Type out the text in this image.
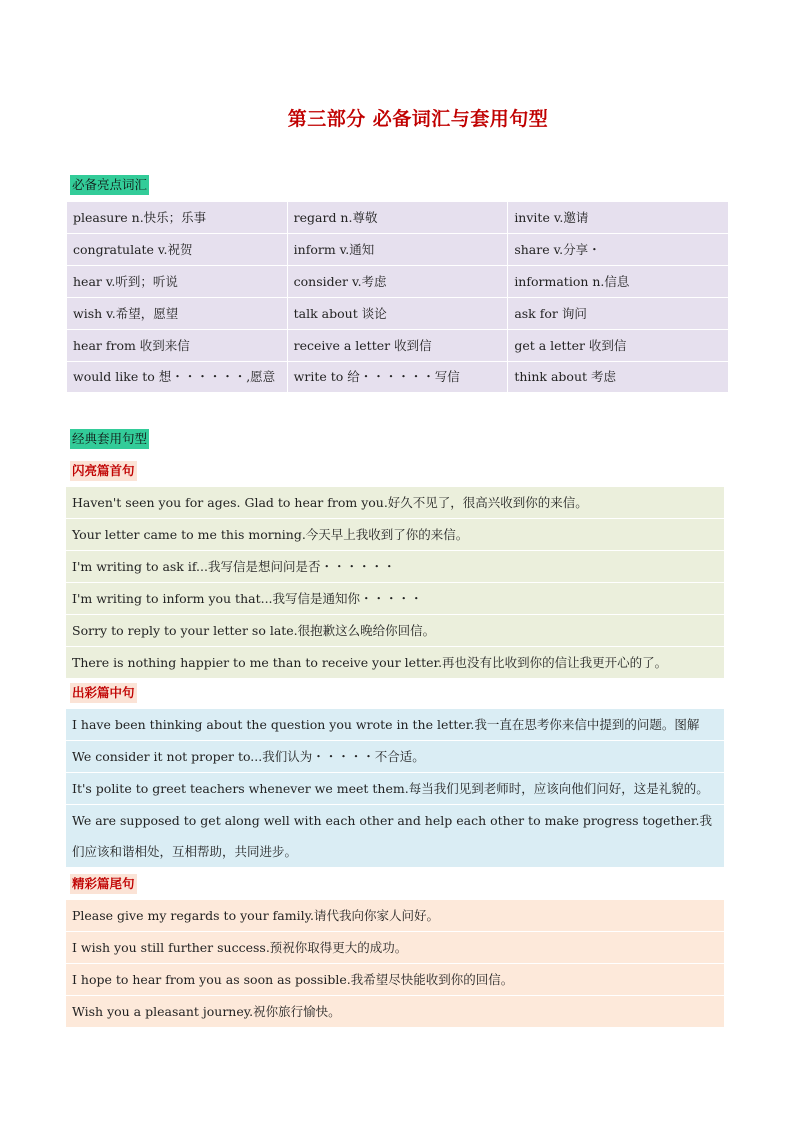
第三部分 必备词汇与套用句型
必备亮点词汇
pleasure n.快乐；乐事	regard n.尊敬	invite v.邀请
congratulate v.祝贺	inform v.通知	share v.分享・
hear v.听到；听说	consider v.考虑	information n.信息
wish v.希望，愿望	talk about 谈论	ask for 询问
hear from 收到来信	receive a letter 收到信	get a letter 收到信
would like to 想・・・・・・,愿意	write to 给・・・・・・写信	think about 考虑
经典套用句型
闪亮篇首句
Haven't seen you for ages. Glad to hear from you.好久不见了，很高兴收到你的来信。
Your letter came to me this morning.今天早上我收到了你的来信。
I'm writing to ask if...我写信是想问问是否・・・・・・
I'm writing to inform you that...我写信是通知你・・・・・
Sorry to reply to your letter so late.很抱歉这么晚给你回信。
There is nothing happier to me than to receive your letter.再也没有比收到你的信让我更开心的了。
出彩篇中句
I have been thinking about the question you wrote in the letter.我一直在思考你来信中提到的问题。图解
We consider it not proper to...我们认为・・・・・不合适。
It's polite to greet teachers whenever we meet them.每当我们见到老师时，应该向他们问好，这是礼貌的。
We are supposed to get along well with each other and help each other to make progress together.我们应该和谐相处，互相帮助，共同进步。
精彩篇尾句
Please give my regards to your family.请代我向你家人问好。
I wish you still further success.预祝你取得更大的成功。
I hope to hear from you as soon as possible.我希望尽快能收到你的回信。
Wish you a pleasant journey.祝你旅行愉快。
